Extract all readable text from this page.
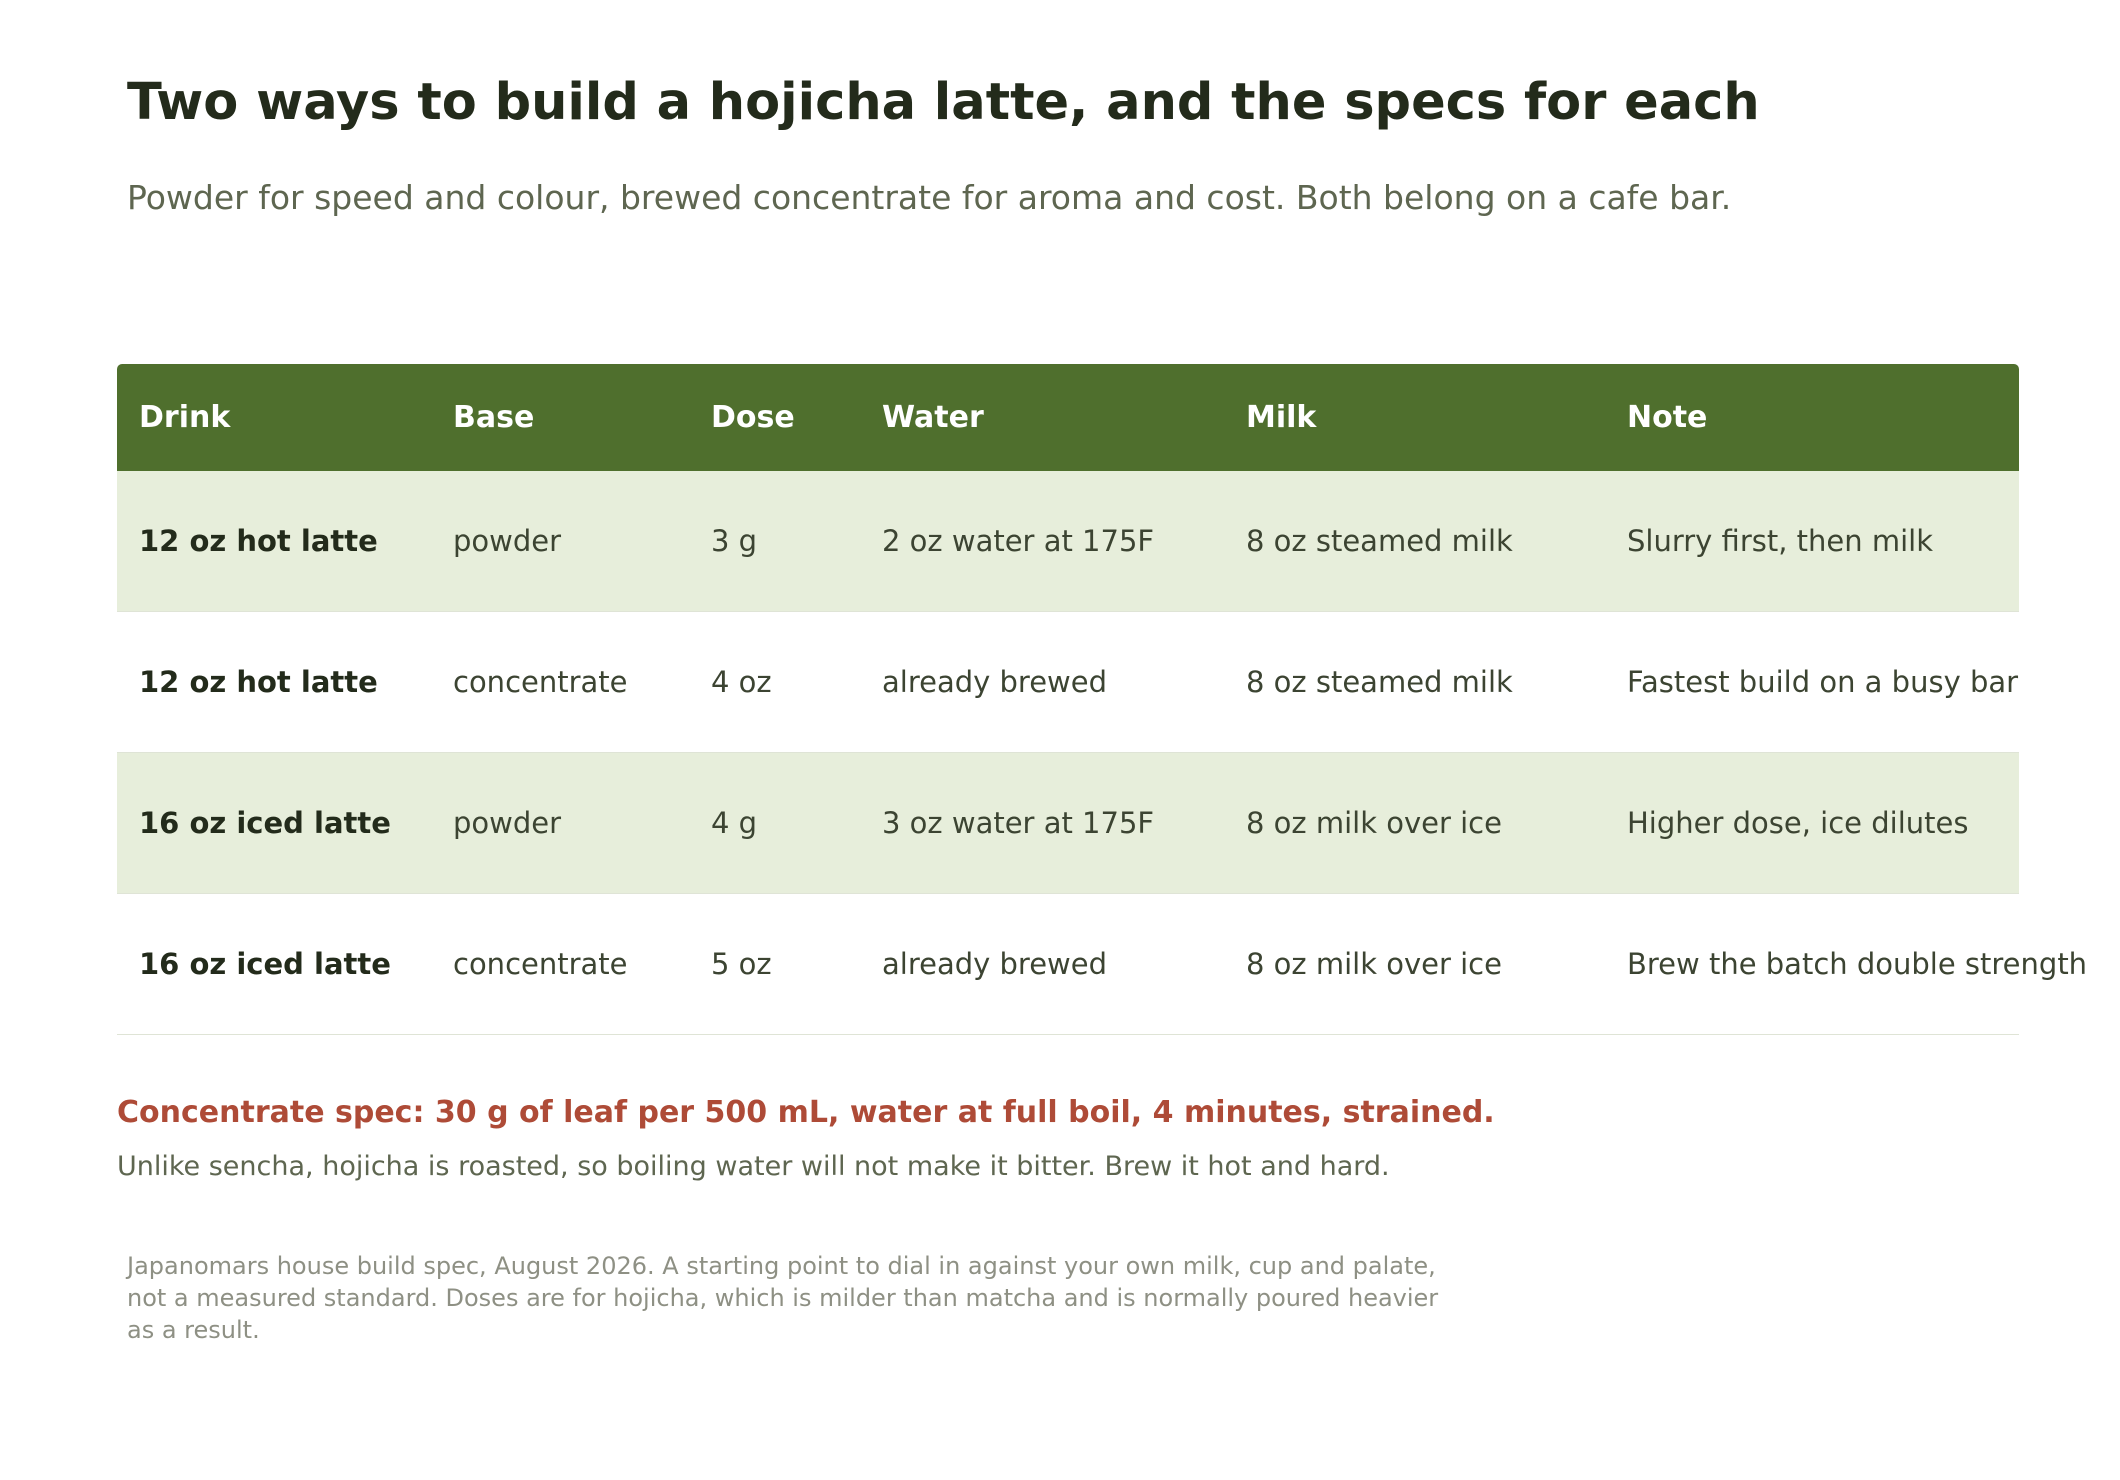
Two ways to build a hojicha latte, and the specs for each

Powder for speed and colour, brewed concentrate for aroma and cost. Both belong on a cafe bar.

Drink	Base	Dose	Water	Milk	Note
12 oz hot latte	powder	3 g	2 oz water at 175F	8 oz steamed milk	Slurry first, then milk
12 oz hot latte	concentrate	4 oz	already brewed	8 oz steamed milk	Fastest build on a busy bar
16 oz iced latte	powder	4 g	3 oz water at 175F	8 oz milk over ice	Higher dose, ice dilutes
16 oz iced latte	concentrate	5 oz	already brewed	8 oz milk over ice	Brew the batch double strength

Concentrate spec: 30 g of leaf per 500 mL, water at full boil, 4 minutes, strained.

Unlike sencha, hojicha is roasted, so boiling water will not make it bitter. Brew it hot and hard.

Japanomars house build spec, August 2026. A starting point to dial in against your own milk, cup and palate, not a measured standard. Doses are for hojicha, which is milder than matcha and is normally poured heavier as a result.
